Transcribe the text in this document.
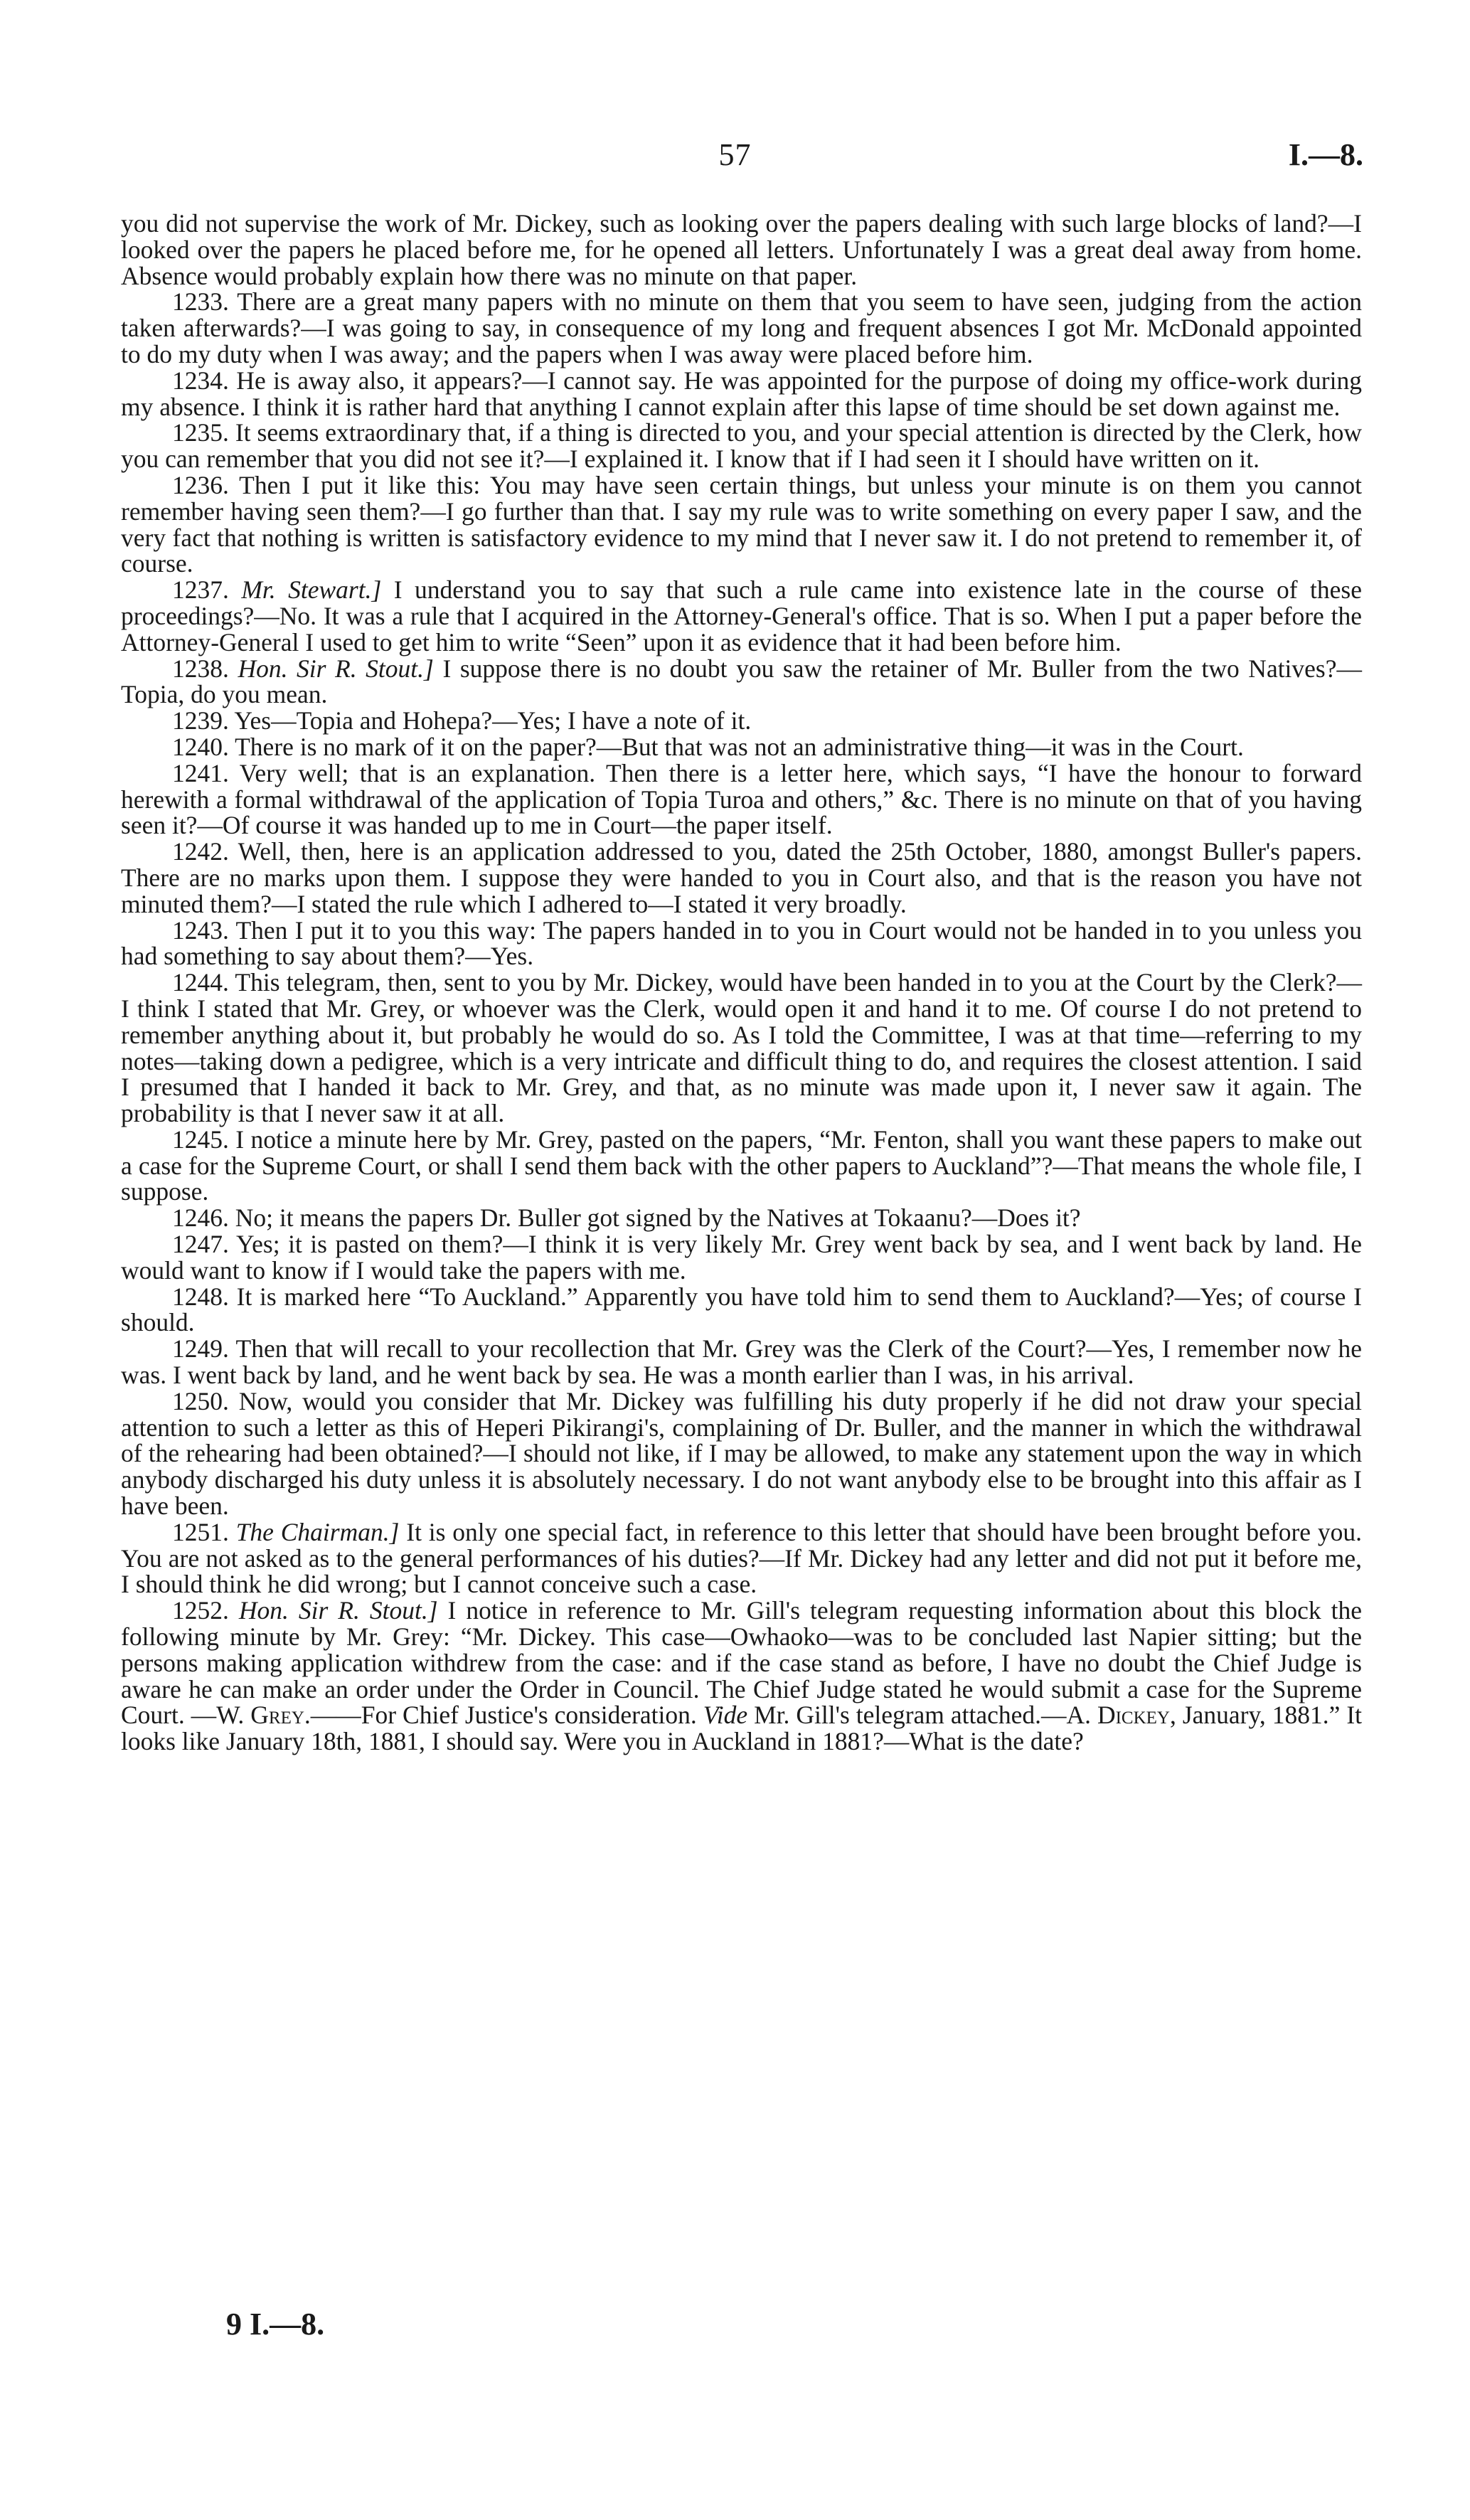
57	I.—8.

you did not supervise the work of Mr. Dickey, such as looking over the papers dealing with such large blocks of land?—I looked over the papers he placed before me, for he opened all letters. Unfortunately I was a great deal away from home. Absence would probably explain how there was no minute on that paper.

1233. There are a great many papers with no minute on them that you seem to have seen, judging from the action taken afterwards?—I was going to say, in consequence of my long and frequent absences I got Mr. McDonald appointed to do my duty when I was away; and the papers when I was away were placed before him.

1234. He is away also, it appears?—I cannot say. He was appointed for the purpose of doing my office-work during my absence. I think it is rather hard that anything I cannot explain after this lapse of time should be set down against me.

1235. It seems extraordinary that, if a thing is directed to you, and your special attention is directed by the Clerk, how you can remember that you did not see it?—I explained it. I know that if I had seen it I should have written on it.

1236. Then I put it like this: You may have seen certain things, but unless your minute is on them you cannot remember having seen them?—I go further than that. I say my rule was to write something on every paper I saw, and the very fact that nothing is written is satisfactory evidence to my mind that I never saw it. I do not pretend to remember it, of course.

1237. Mr. Stewart.] I understand you to say that such a rule came into existence late in the course of these proceedings?—No. It was a rule that I acquired in the Attorney-General's office. That is so. When I put a paper before the Attorney-General I used to get him to write “Seen” upon it as evidence that it had been before him.

1238. Hon. Sir R. Stout.] I suppose there is no doubt you saw the retainer of Mr. Buller from the two Natives?—Topia, do you mean.

1239. Yes—Topia and Hohepa?—Yes; I have a note of it.

1240. There is no mark of it on the paper?—But that was not an administrative thing—it was in the Court.

1241. Very well; that is an explanation. Then there is a letter here, which says, “I have the honour to forward herewith a formal withdrawal of the application of Topia Turoa and others,” &c. There is no minute on that of you having seen it?—Of course it was handed up to me in Court—the paper itself.

1242. Well, then, here is an application addressed to you, dated the 25th October, 1880, amongst Buller's papers. There are no marks upon them. I suppose they were handed to you in Court also, and that is the reason you have not minuted them?—I stated the rule which I adhered to—I stated it very broadly.

1243. Then I put it to you this way: The papers handed in to you in Court would not be handed in to you unless you had something to say about them?—Yes.

1244. This telegram, then, sent to you by Mr. Dickey, would have been handed in to you at the Court by the Clerk?—I think I stated that Mr. Grey, or whoever was the Clerk, would open it and hand it to me. Of course I do not pretend to remember anything about it, but probably he would do so. As I told the Committee, I was at that time—referring to my notes—taking down a pedigree, which is a very intricate and difficult thing to do, and requires the closest attention. I said I presumed that I handed it back to Mr. Grey, and that, as no minute was made upon it, I never saw it again. The probability is that I never saw it at all.

1245. I notice a minute here by Mr. Grey, pasted on the papers, “Mr. Fenton, shall you want these papers to make out a case for the Supreme Court, or shall I send them back with the other papers to Auckland”?—That means the whole file, I suppose.

1246. No; it means the papers Dr. Buller got signed by the Natives at Tokaanu?—Does it?

1247. Yes; it is pasted on them?—I think it is very likely Mr. Grey went back by sea, and I went back by land. He would want to know if I would take the papers with me.

1248. It is marked here “To Auckland.” Apparently you have told him to send them to Auckland?—Yes; of course I should.

1249. Then that will recall to your recollection that Mr. Grey was the Clerk of the Court?—Yes, I remember now he was. I went back by land, and he went back by sea. He was a month earlier than I was, in his arrival.

1250. Now, would you consider that Mr. Dickey was fulfilling his duty properly if he did not draw your special attention to such a letter as this of Heperi Pikirangi's, complaining of Dr. Buller, and the manner in which the withdrawal of the rehearing had been obtained?—I should not like, if I may be allowed, to make any statement upon the way in which anybody discharged his duty unless it is absolutely necessary. I do not want anybody else to be brought into this affair as I have been.

1251. The Chairman.] It is only one special fact, in reference to this letter that should have been brought before you. You are not asked as to the general performances of his duties?—If Mr. Dickey had any letter and did not put it before me, I should think he did wrong; but I cannot conceive such a case.

1252. Hon. Sir R. Stout.] I notice in reference to Mr. Gill's telegram requesting information about this block the following minute by Mr. Grey: “Mr. Dickey. This case—Owhaoko—was to be concluded last Napier sitting; but the persons making application withdrew from the case: and if the case stand as before, I have no doubt the Chief Judge is aware he can make an order under the Order in Council. The Chief Judge stated he would submit a case for the Supreme Court. —W. Grey.——For Chief Justice's consideration. Vide Mr. Gill's telegram attached.—A. Dickey, January, 1881.” It looks like January 18th, 1881, I should say. Were you in Auckland in 1881?—What is the date?

9 I.—8.
